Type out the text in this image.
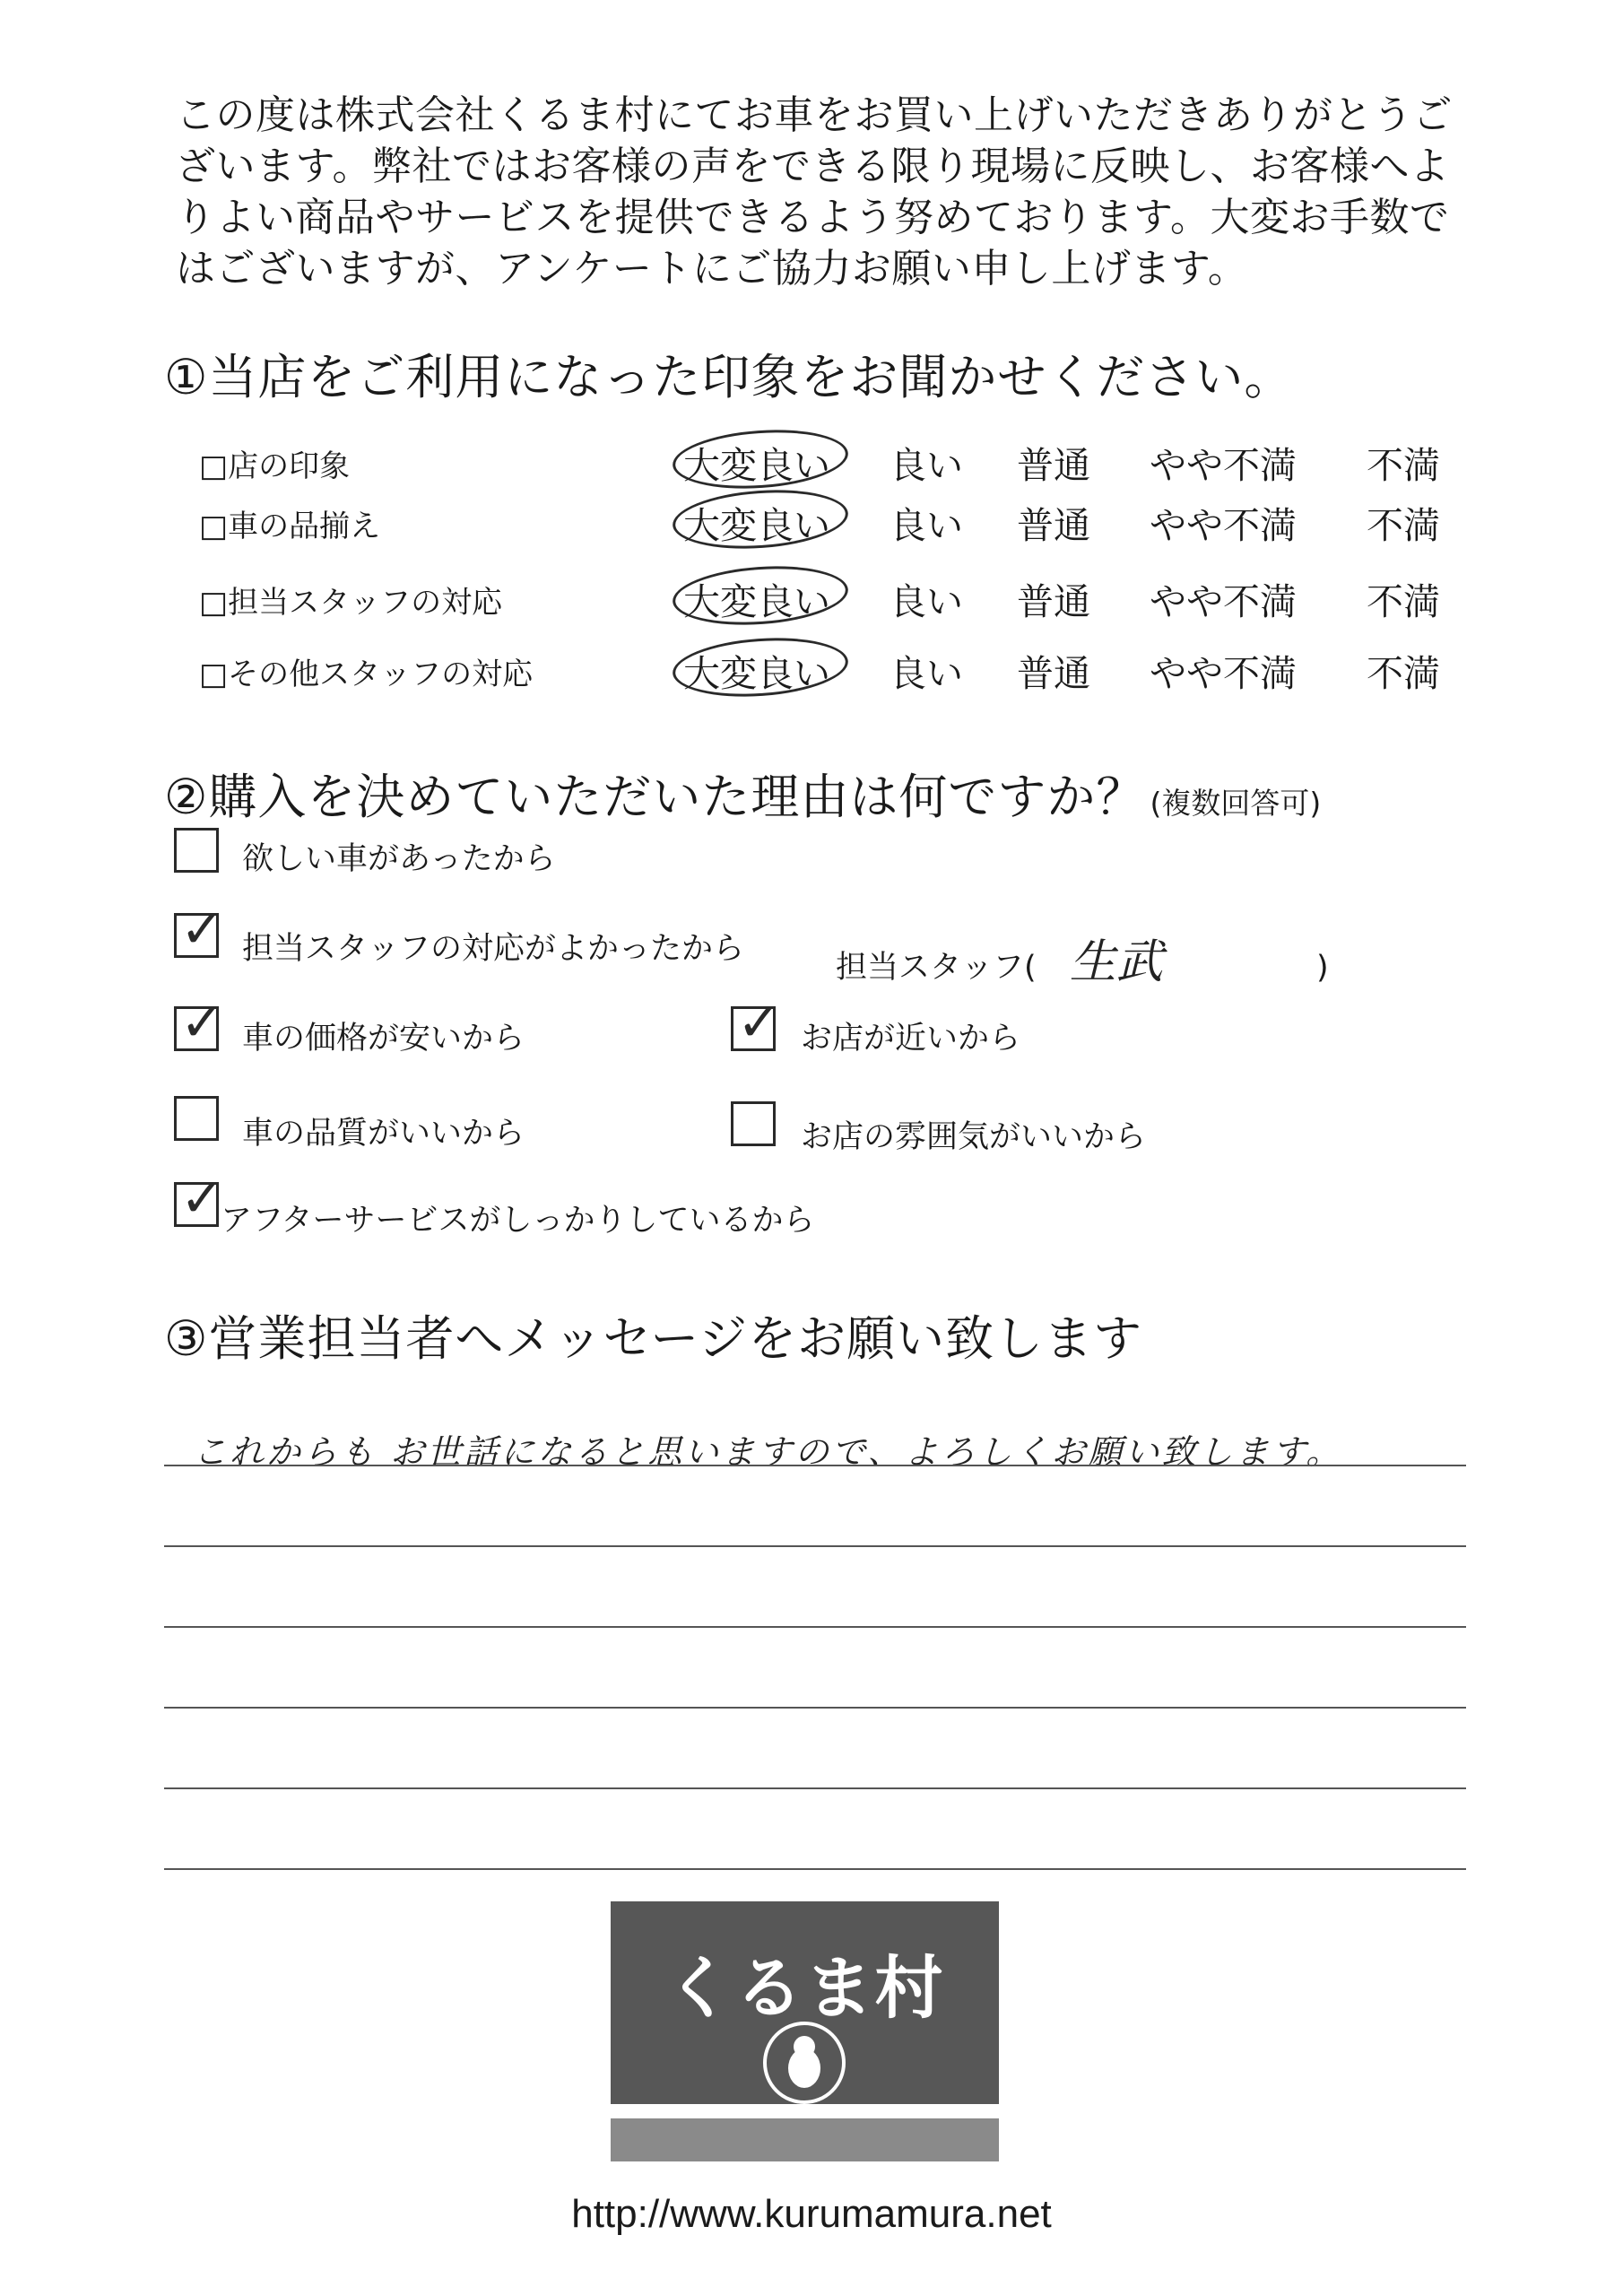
この度は株式会社くるま村にてお車をお買い上げいただきありがとうございます。弊社ではお客様の声をできる限り現場に反映し、お客様へよりよい商品やサービスを提供できるよう努めております。大変お手数ではございますが、アンケートにご協力お願い申し上げます。

①当店をご利用になった印象をお聞かせください。
□店の印象	大変良い 良い 普通 やや不満 不満
□車の品揃え	大変良い 良い 普通 やや不満 不満
□担当スタッフの対応	大変良い 良い 普通 やや不満 不満
□その他スタッフの対応	大変良い 良い 普通 やや不満 不満
②購入を決めていただいた理由は何ですか？ (複数回答可)
欲しい車があったから
✓ 担当スタッフの対応がよかったから
✓ 車の価格が安いから	✓ お店が近いから
車の品質がいいから	お店の雰囲気がいいから
✓
アフターサービスがしっかりしているから
担当スタッフ( 生武	)
③営業担当者へメッセージをお願い致します
これからも お世話になると思いますので、よろしくお願い致します。
くるま村
http://www.kurumamura.net
